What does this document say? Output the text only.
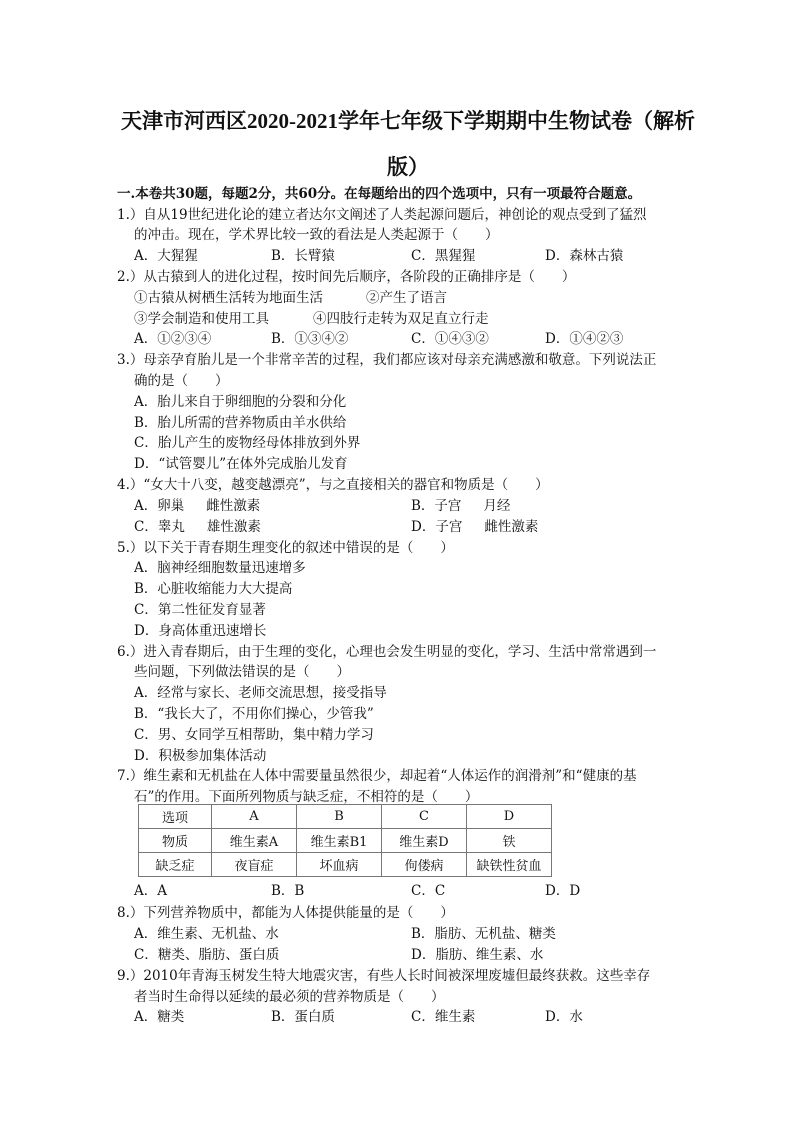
天津市河西区2020-2021学年七年级下学期期中生物试卷（解析
版）
一.本卷共30题，每题2分，共60分。在每题给出的四个选项中，只有一项最符合题意。
1.）自从19世纪进化论的建立者达尔文阐述了人类起源问题后，神创论的观点受到了猛烈
的冲击。现在，学术界比较一致的看法是人类起源于（　　）
A．大猩猩	B．长臂猿	C．黑猩猩	D．森林古猿
2.）从古猿到人的进化过程，按时间先后顺序，各阶段的正确排序是（　　）
①古猿从树栖生活转为地面生活	②产生了语言
③学会制造和使用工具	④四肢行走转为双足直立行走
A．①②③④	B．①③④②	C．①④③②	D．①④②③
3.）母亲孕育胎儿是一个非常辛苦的过程，我们都应该对母亲充满感激和敬意。下列说法正
确的是（　　）
A．胎儿来自于卵细胞的分裂和分化
B．胎儿所需的营养物质由羊水供给
C．胎儿产生的废物经母体排放到外界
D．“试管婴儿”在体外完成胎儿发育
4.）“女大十八变，越变越漂亮”，与之直接相关的器官和物质是（　　）
A．卵巢 雌性激素	B．子宫 月经
C．睾丸 雄性激素	D．子宫 雌性激素
5.）以下关于青春期生理变化的叙述中错误的是（　　）
A．脑神经细胞数量迅速增多
B．心脏收缩能力大大提高
C．第二性征发育显著
D．身高体重迅速增长
6.）进入青春期后，由于生理的变化，心理也会发生明显的变化，学习、生活中常常遇到一
些问题，下列做法错误的是（　　）
A．经常与家长、老师交流思想，接受指导
B．“我长大了，不用你们操心，少管我”
C．男、女同学互相帮助，集中精力学习
D．积极参加集体活动
7.）维生素和无机盐在人体中需要量虽然很少，却起着“人体运作的润滑剂”和“健康的基
石”的作用。下面所列物质与缺乏症，不相符的是（　　）
选项	A	B	C	D
物质	维生素A	维生素B1	维生素D	铁
缺乏症	夜盲症	坏血病	佝偻病	缺铁性贫血
A．A	B．B	C．C	D．D
8.）下列营养物质中，都能为人体提供能量的是（　　）
A．维生素、无机盐、水	B．脂肪、无机盐、糖类
C．糖类、脂肪、蛋白质	D．脂肪、维生素、水
9.）2010年青海玉树发生特大地震灾害，有些人长时间被深埋废墟但最终获救。这些幸存
者当时生命得以延续的最必须的营养物质是（　　）
A．糖类	B．蛋白质	C．维生素	D．水
